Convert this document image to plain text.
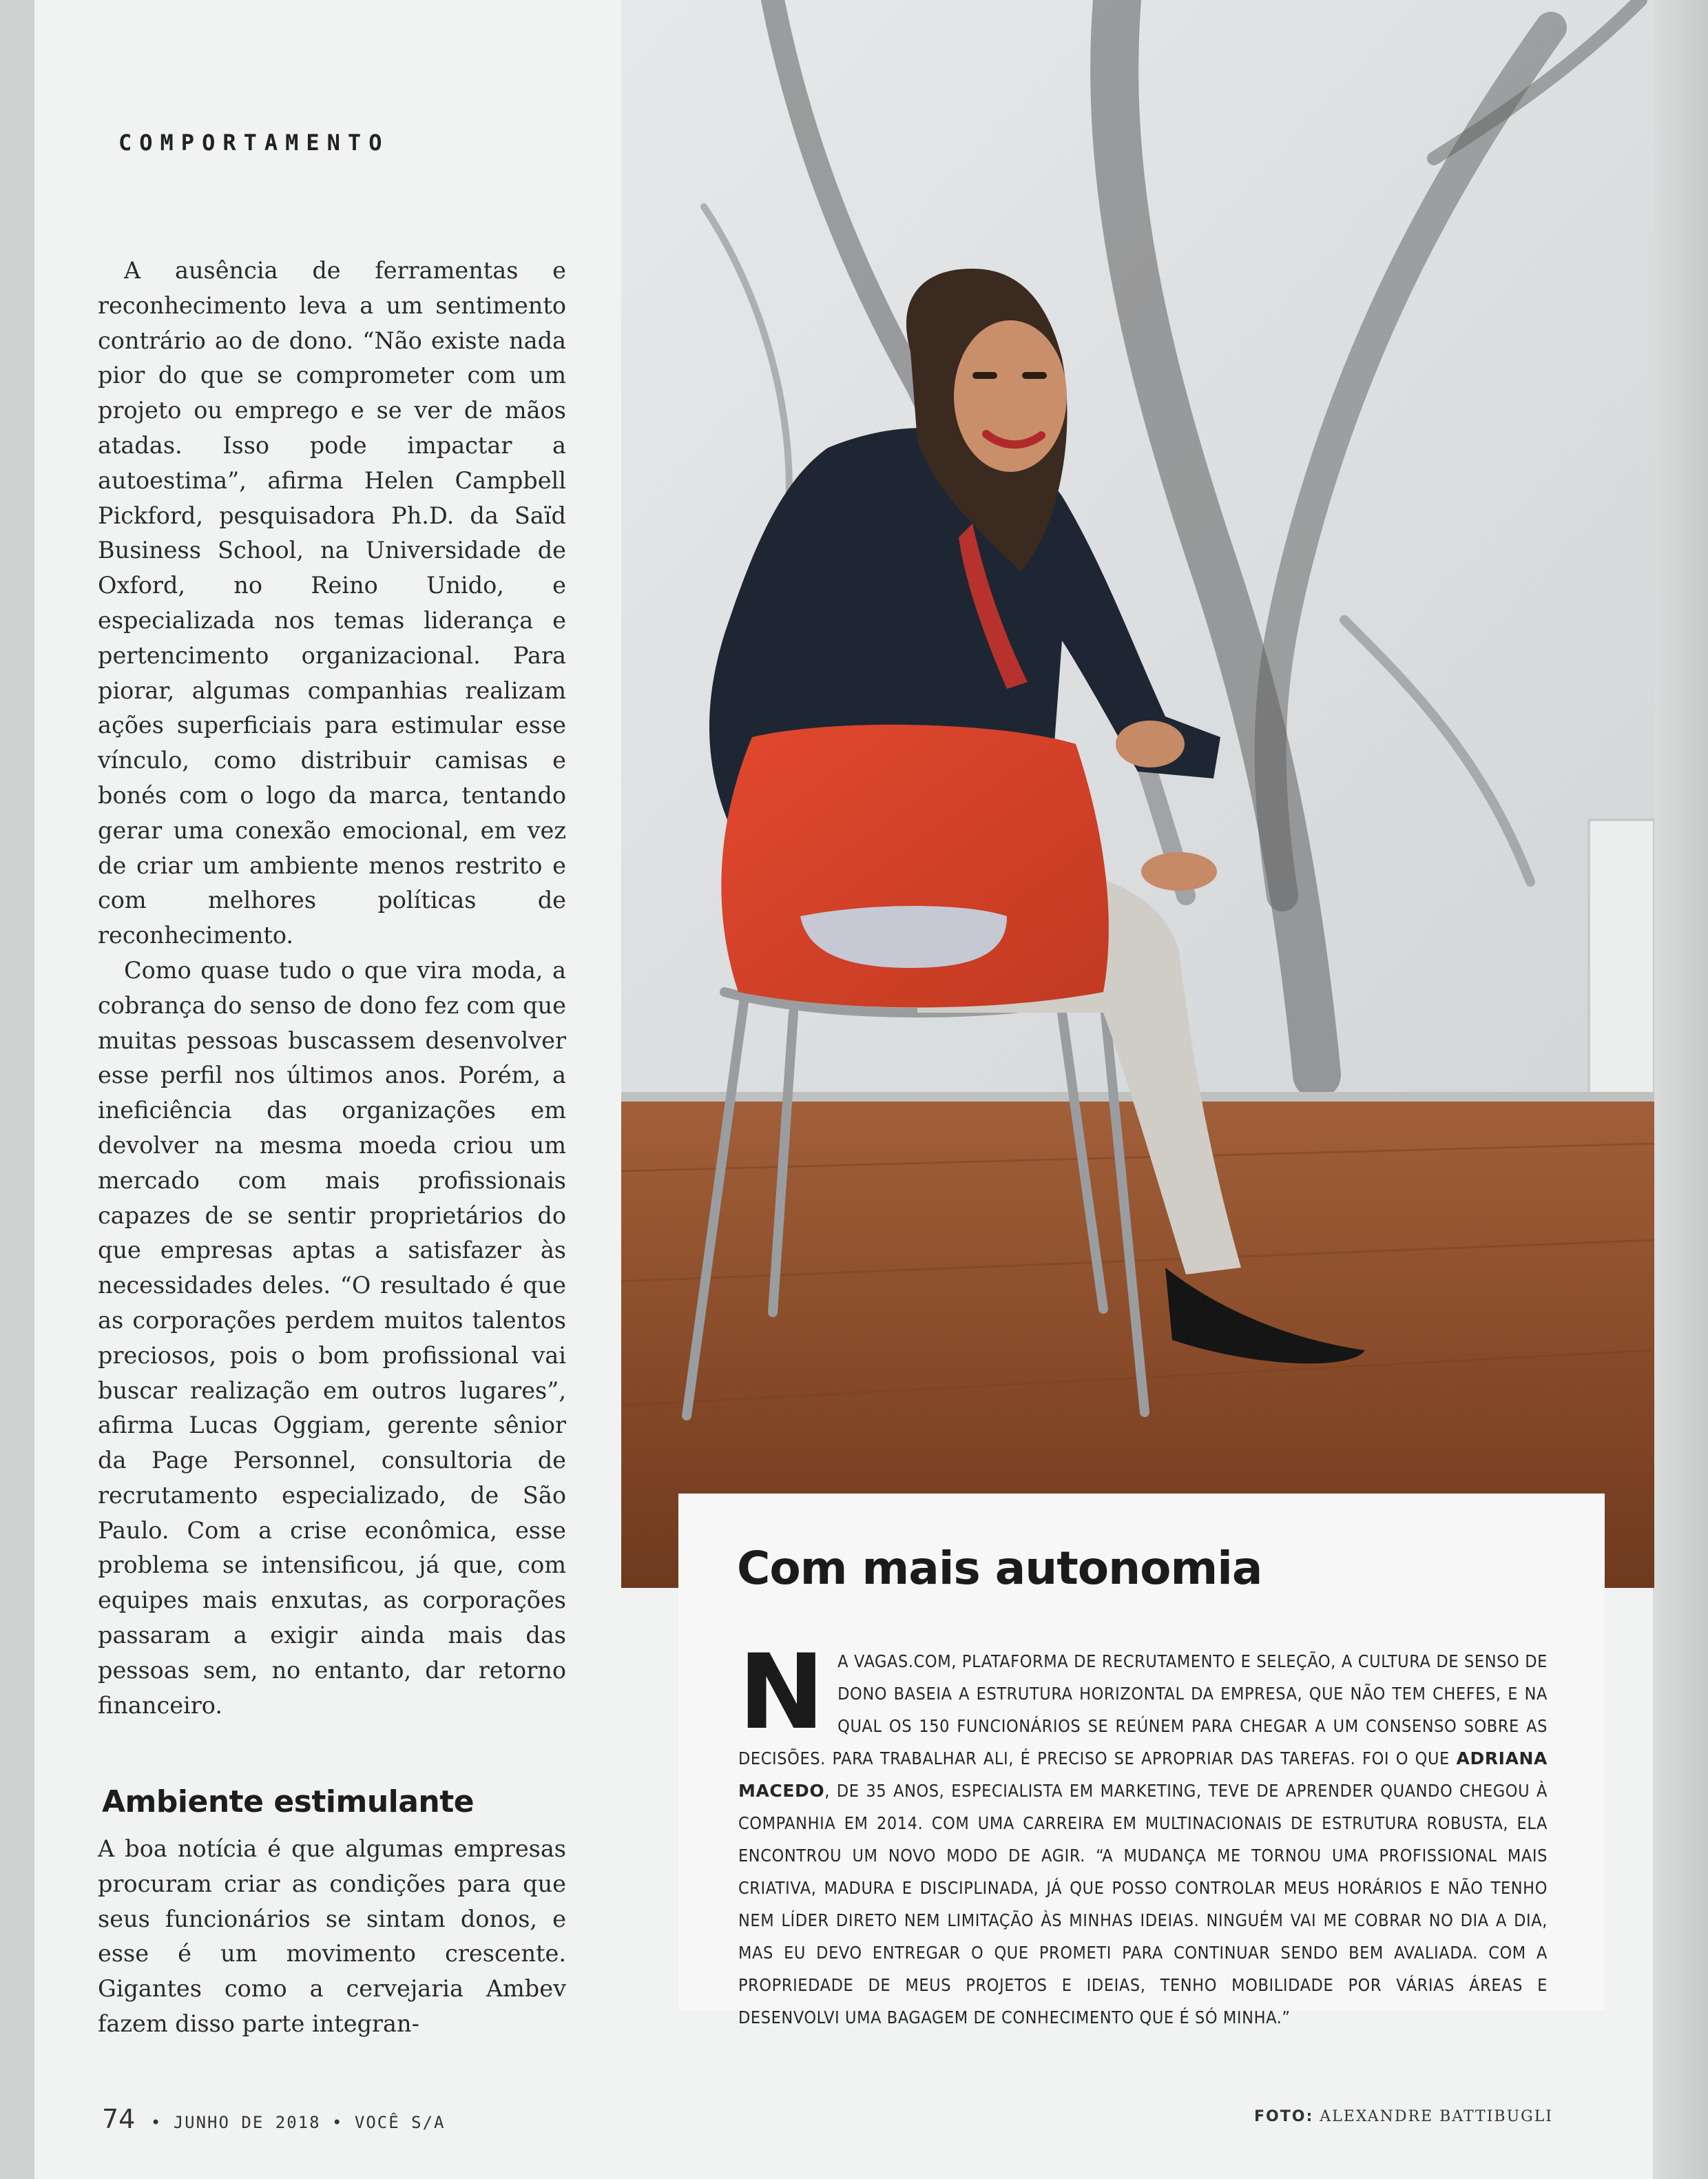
COMPORTAMENTO

A ausência de ferramentas e reconhecimento leva a um sentimento contrário ao de dono. “Não existe nada pior do que se comprometer com um projeto ou emprego e se ver de mãos atadas. Isso pode impactar a autoestima”, afirma Helen Campbell Pickford, pesquisadora Ph.D. da Saïd Business School, na Universidade de Oxford, no Reino Unido, e especializada nos temas liderança e pertencimento organizacional. Para piorar, algumas companhias realizam ações superficiais para estimular esse vínculo, como distribuir camisas e bonés com o logo da marca, tentando gerar uma conexão emocional, em vez de criar um ambiente menos restrito e com melhores políticas de reconhecimento.

Como quase tudo o que vira moda, a cobrança do senso de dono fez com que muitas pessoas buscassem desenvolver esse perfil nos últimos anos. Porém, a ineficiência das organizações em devolver na mesma moeda criou um mercado com mais profissionais capazes de se sentir proprietários do que empresas aptas a satisfazer às necessidades deles. “O resultado é que as corporações perdem muitos talentos preciosos, pois o bom profissional vai buscar realização em outros lugares”, afirma Lucas Oggiam, gerente sênior da Page Personnel, consultoria de recrutamento especializado, de São Paulo. Com a crise econômica, esse problema se intensificou, já que, com equipes mais enxutas, as corporações passaram a exigir ainda mais das pessoas sem, no entanto, dar retorno financeiro.

Ambiente estimulante

A boa notícia é que algumas empresas procuram criar as condições para que seus funcionários se sintam donos, e esse é um movimento crescente. Gigantes como a cervejaria Ambev fazem disso parte integran-

Com mais autonomia
NA VAGAS.COM, PLATAFORMA DE RECRUTAMENTO E SELEÇÃO, A CULTURA DE SENSO DE DONO BASEIA A ESTRUTURA HORIZONTAL DA EMPRESA, QUE NÃO TEM CHEFES, E NA QUAL OS 150 FUNCIONÁRIOS SE REÚNEM PARA CHEGAR A UM CONSENSO SOBRE AS DECISÕES. PARA TRABALHAR ALI, É PRECISO SE APROPRIAR DAS TAREFAS. FOI O QUE ADRIANA MACEDO, DE 35 ANOS, ESPECIALISTA EM MARKETING, TEVE DE APRENDER QUANDO CHEGOU À COMPANHIA EM 2014. COM UMA CARREIRA EM MULTINACIONAIS DE ESTRUTURA ROBUSTA, ELA ENCONTROU UM NOVO MODO DE AGIR. “A MUDANÇA ME TORNOU UMA PROFISSIONAL MAIS CRIATIVA, MADURA E DISCIPLINADA, JÁ QUE POSSO CONTROLAR MEUS HORÁRIOS E NÃO TENHO NEM LÍDER DIRETO NEM LIMITAÇÃO ÀS MINHAS IDEIAS. NINGUÉM VAI ME COBRAR NO DIA A DIA, MAS EU DEVO ENTREGAR O QUE PROMETI PARA CONTINUAR SENDO BEM AVALIADA. COM A PROPRIEDADE DE MEUS PROJETOS E IDEIAS, TENHO MOBILIDADE POR VÁRIAS ÁREAS E DESENVOLVI UMA BAGAGEM DE CONHECIMENTO QUE É SÓ MINHA.”
74 • JUNHO DE 2018 • VOCÊ S/A	FOTO: ALEXANDRE BATTIBUGLI
